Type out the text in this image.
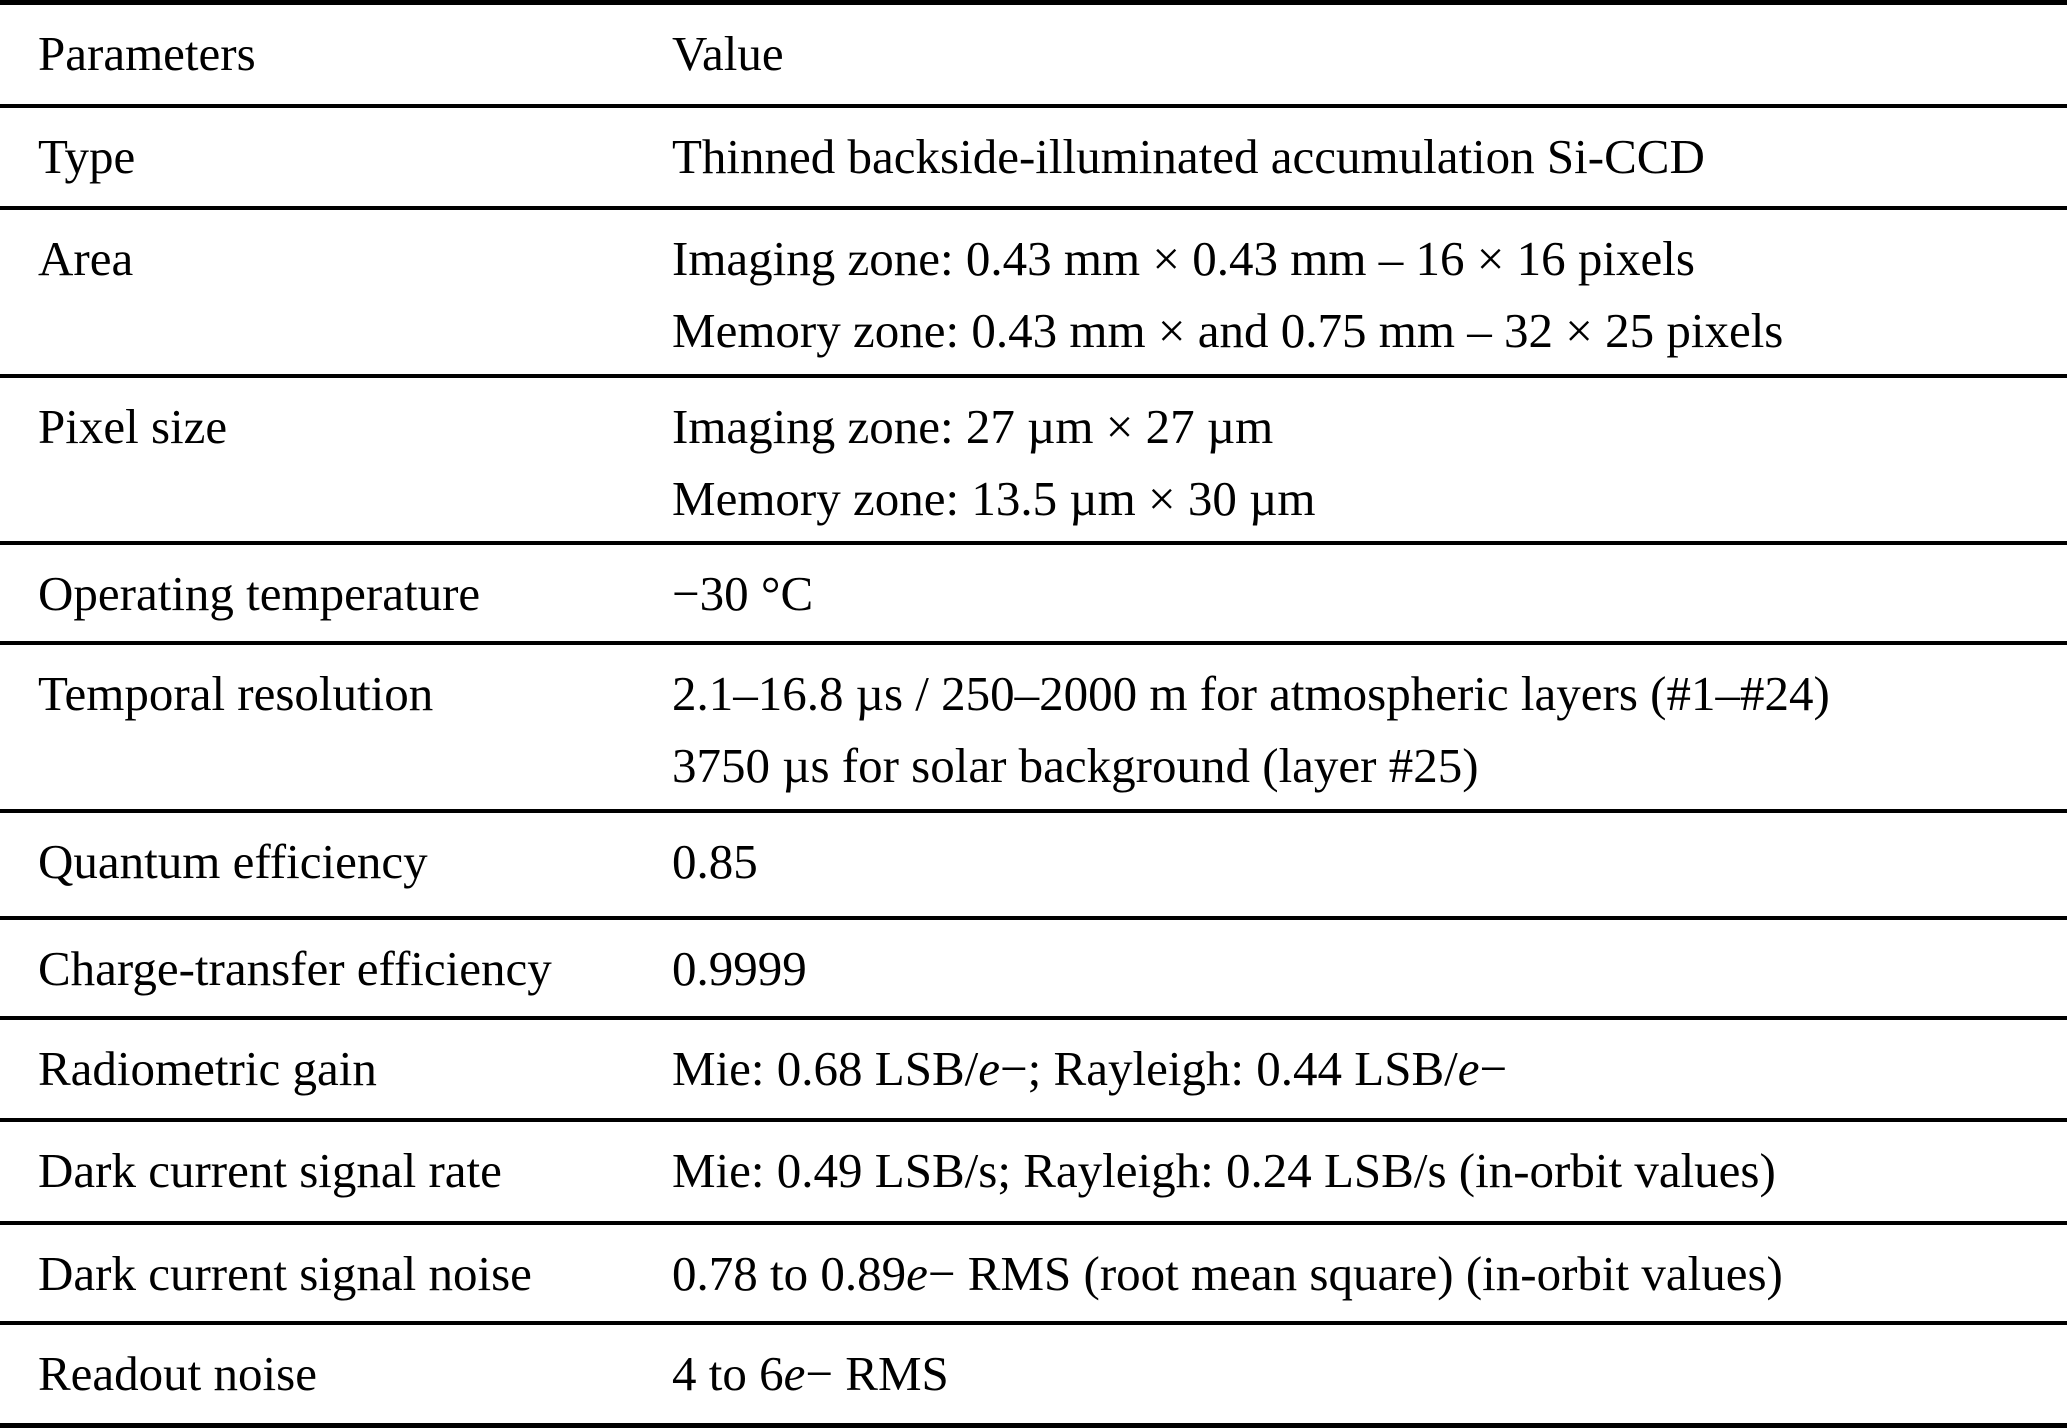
Parameters	Value
Type	Thinned backside-illuminated accumulation Si-CCD
Area	Imaging zone: 0.43 mm × 0.43 mm – 16 × 16 pixels
Memory zone: 0.43 mm × and 0.75 mm – 32 × 25 pixels
Pixel size	Imaging zone: 27 µm × 27 µm
Memory zone: 13.5 µm × 30 µm
Operating temperature	−30 °C
Temporal resolution	2.1–16.8 µs / 250–2000 m for atmospheric layers (#1–#24)
3750 µs for solar background (layer #25)
Quantum efficiency	0.85
Charge-transfer efficiency	0.9999
Radiometric gain	Mie: 0.68 LSB/e−; Rayleigh: 0.44 LSB/e−
Dark current signal rate	Mie: 0.49 LSB/s; Rayleigh: 0.24 LSB/s (in-orbit values)
Dark current signal noise	0.78 to 0.89e− RMS (root mean square) (in-orbit values)
Readout noise	4 to 6e− RMS
